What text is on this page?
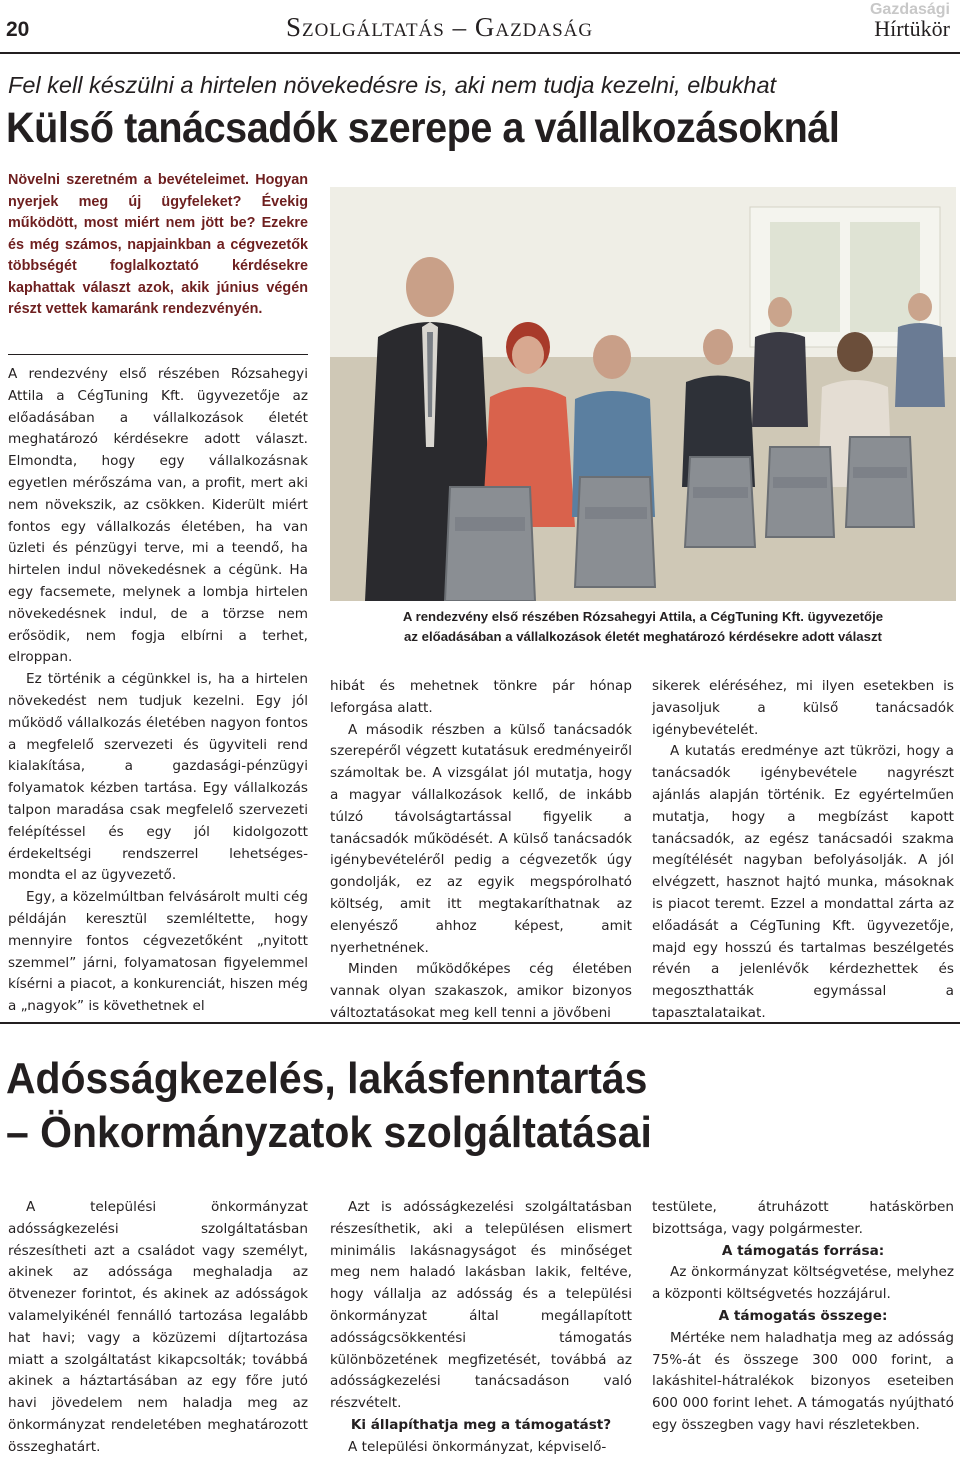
20	Szolgáltatás – Gazdaság
Gazdasági
Hírtükör
Fel kell készülni a hirtelen növekedésre is, aki nem tudja kezelni, elbukhat
Külső tanácsadók szerepe a vállalkozásoknál
Növelni szeretném a bevételeimet. Hogyan nyerjek meg új ügyfeleket? Évekig működött, most miért nem jött be? Ezekre és még számos, napjainkban a cégvezetők többségét foglalkoztató kérdésekre kaphattak választ azok, akik június végén részt vettek kamaránk rendezvényén.

A rendezvény első részében Rózsahegyi Attila a CégTuning Kft. ügyvezetője az előadásában a vállalkozások életét meghatározó kérdésekre adott választ. Elmondta, hogy egy vállalkozásnak egyetlen mérőszáma van, a profit, mert aki nem növekszik, az csökken. Kiderült miért fontos egy vállalkozás életében, ha van üzleti és pénzügyi terve, mi a teendő, ha hirtelen indul növekedésnek a cégünk. Ha egy facsemete, melynek a lombja hirtelen növekedésnek indul, de a törzse nem erősödik, nem fogja elbírni a terhet, elroppan.

Ez történik a cégünkkel is, ha a hirtelen növekedést nem tudjuk kezelni. Egy jól működő vállalkozás életében nagyon fontos a megfelelő szervezeti és ügyviteli rend kialakítása, a gazdasági-pénzügyi folyamatok kézben tartása. Egy vállalkozás talpon maradása csak megfelelő szervezeti felépítéssel és egy jól kidolgozott érdekeltségi rendszerrel lehetséges- mondta el az ügyvezető.

Egy, a közelmúltban felvásárolt multi cég példáján keresztül szemléltette, hogy mennyire fontos cégvezetőként „nyitott szemmel” járni, folyamatosan figyelemmel kísérni a piacot, a konkurenciát, hiszen még a „nagyok” is követhetnek el

A rendezvény első részében Rózsahegyi Attila, a CégTuning Kft. ügyvezetője
az előadásában a vállalkozások életét meghatározó kérdésekre adott választ

hibát és mehetnek tönkre pár hónap leforgása alatt.

A második részben a külső tanácsadók szerepéről végzett kutatásuk eredményeiről számoltak be. A vizsgálat jól mutatja, hogy a magyar vállalkozások kellő, de inkább túlzó távolságtartással figyelik a tanácsadók működését. A külső tanácsadók igénybevételéről pedig a cégvezetők úgy gondolják, ez az egyik megspórolható költség, amit itt megtakaríthatnak az elenyésző ahhoz képest, amit nyerhetnének.

Minden működőképes cég életében vannak olyan szakaszok, amikor bizonyos változtatásokat meg kell tenni a jövőbeni

sikerek eléréséhez, mi ilyen esetekben is javasoljuk a külső tanácsadók igénybevételét.

A kutatás eredménye azt tükrözi, hogy a tanácsadók igénybevétele nagyrészt ajánlás alapján történik. Ez egyértelműen mutatja, hogy a megbízást kapott tanácsadók, az egész tanácsadói szakma megítélését nagyban befolyásolják. A jól elvégzett, hasznot hajtó munka, másoknak is piacot teremt. Ezzel a mondattal zárta az előadását a CégTuning Kft. ügyvezetője, majd egy hosszú és tartalmas beszélgetés révén a jelenlévők kérdezhettek és megoszthatták egymással a tapasztalataikat.

Adósságkezelés, lakásfenntartás
– Önkormányzatok szolgáltatásai

A települési önkormányzat adósságkezelési szolgáltatásban részesítheti azt a családot vagy személyt, akinek az adóssága meghaladja az ötvenezer forintot, és akinek az adósságok valamelyikénél fennálló tartozása legalább hat havi; vagy a közüzemi díjtartozása miatt a szolgáltatást kikapcsolták; továbbá akinek a háztartásában az egy főre jutó havi jövedelem nem haladja meg az önkormányzat rendeletében meghatározott összeghatárt.

Azt is adósságkezelési szolgáltatásban részesíthetik, aki a településen elismert minimális lakásnagyságot és minőséget meg nem haladó lakásban lakik, feltéve, hogy vállalja az adósság és a települési önkormányzat által megállapított adósságcsökkentési támogatás különbözetének megfizetését, továbbá az adósságkezelési tanácsadáson való részvételt.

Ki állapíthatja meg a támogatást?

A települési önkormányzat, képviselő-

testülete, átruházott hatáskörben bizottsága, vagy polgármester.

A támogatás forrása:

Az önkormányzat költségvetése, melyhez a központi költségvetés hozzájárul.

A támogatás összege:

Mértéke nem haladhatja meg az adósság 75%-át és összege 300 000 forint, a lakáshitel-hátralékok bizonyos eseteiben 600 000 forint lehet. A támogatás nyújtható egy összegben vagy havi részletekben.
